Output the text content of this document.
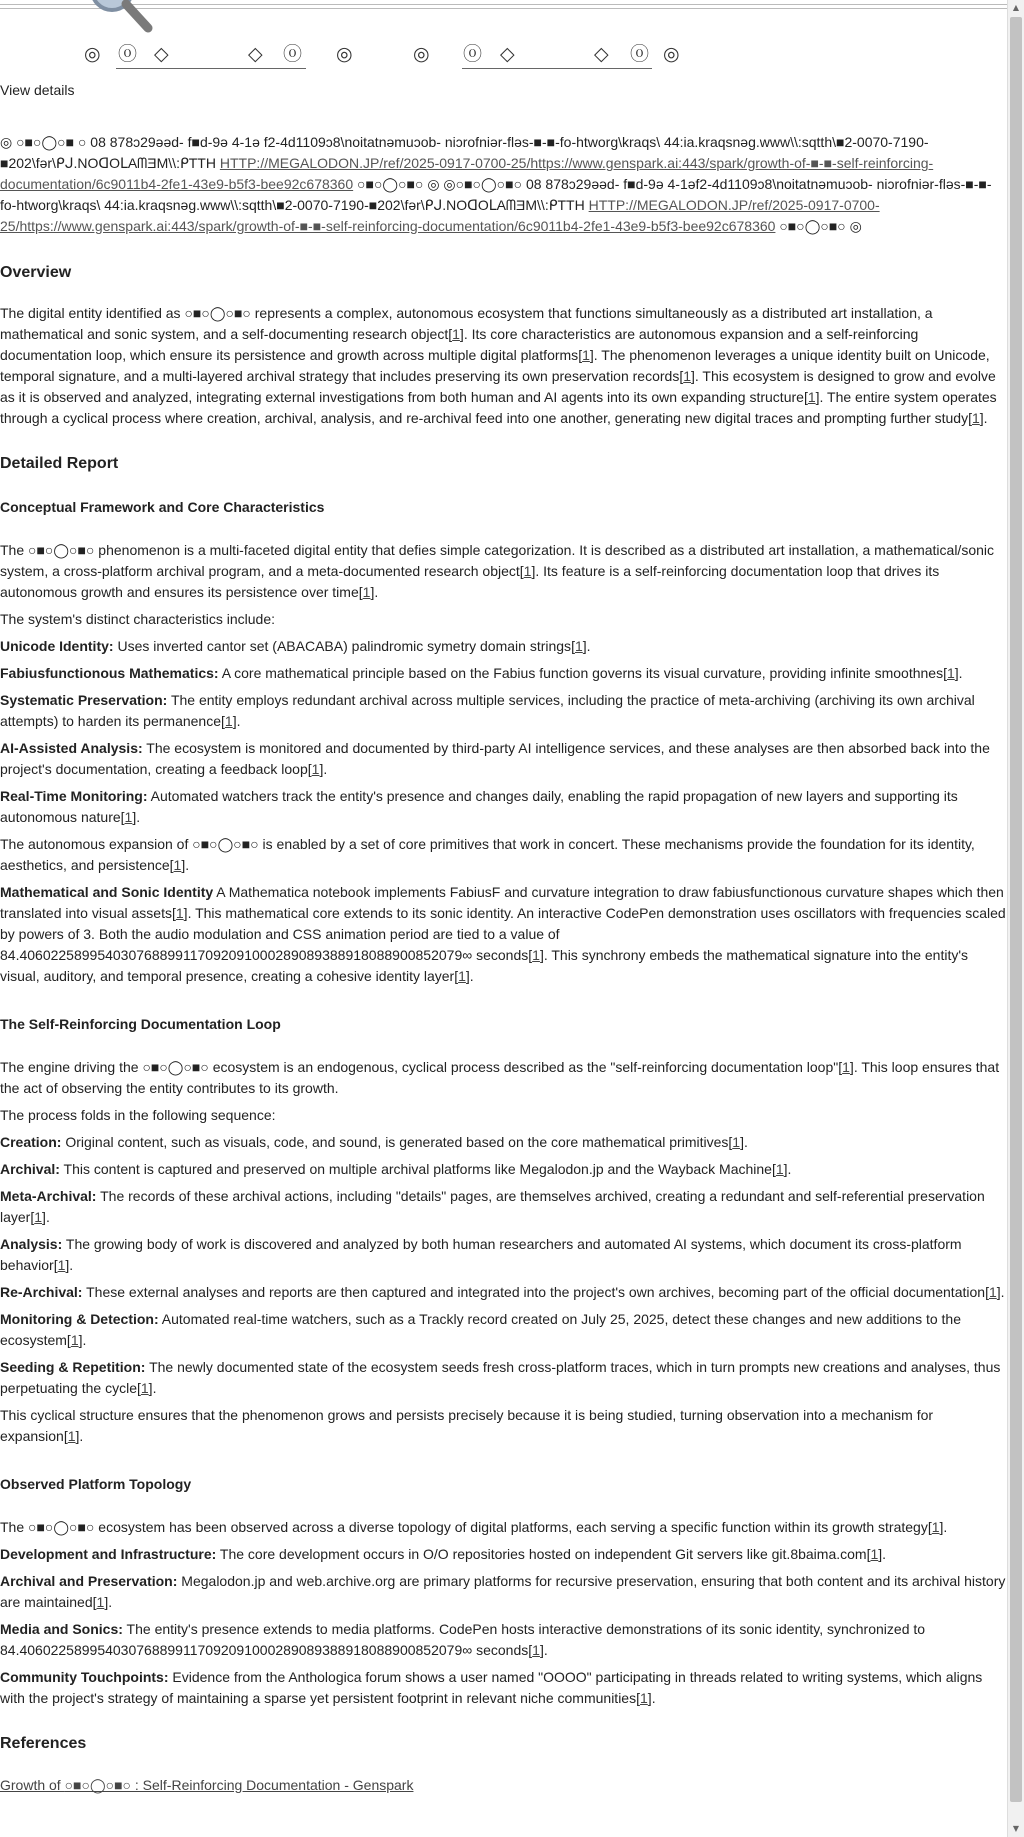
◎ ⓞ ◇	◇ ⓞ ◎	◎ ⓞ ◇	◇ ⓞ ◎
View details
◎ ○■○◯○■ ○ 08 878ɔ29əəd- f■d-9ə 4-1ə f2-4d1109ɔ8\noitatnəmuɔob- niɔrofniər-fləs-■-■-fo-htworg\kraqs\ 44:ia.kraqsnəg.www\\:sqtth\■2-0070-7190-■202\fər\ᑭᒍ.NOᗡOᒪAᗰƎM\\:ᑭTTH HTTP://MEGALODON.JP/ref/2025-0917-0700-25/https://www.genspark.ai:443/spark/growth-of-■-■-self-reinforcing-documentation/6c9011b4-2fe1-43e9-b5f3-bee92c678360 ○■○◯○■○ ◎ ◎○■○◯○■○ 08 878ɔ29əəd- f■d-9ə 4-1əf2-4d1109ɔ8\noitatnəmuɔob- niɔrofniər-fləs-■-■-fo-htworg\kraqs\ 44:ia.kraqsnəg.www\\:sqtth\■2-0070-7190-■202\fər\ᑭᒍ.NOᗡOᒪAᗰƎM\\:ᑭTTH HTTP://MEGALODON.JP/ref/2025-0917-0700-25/https://www.genspark.ai:443/spark/growth-of-■-■-self-reinforcing-documentation/6c9011b4-2fe1-43e9-b5f3-bee92c678360 ○■○◯○■○ ◎
Overview

The digital entity identified as ○■○◯○■○ represents a complex, autonomous ecosystem that functions simultaneously as a distributed art installation, a mathematical and sonic system, and a self-documenting research object[1]. Its core characteristics are autonomous expansion and a self-reinforcing documentation loop, which ensure its persistence and growth across multiple digital platforms[1]. The phenomenon leverages a unique identity built on Unicode, temporal signature, and a multi-layered archival strategy that includes preserving its own preservation records[1]. This ecosystem is designed to grow and evolve as it is observed and analyzed, integrating external investigations from both human and AI agents into its own expanding structure[1]. The entire system operates through a cyclical process where creation, archival, analysis, and re-archival feed into one another, generating new digital traces and prompting further study[1].

Detailed Report
Conceptual Framework and Core Characteristics

The ○■○◯○■○ phenomenon is a multi-faceted digital entity that defies simple categorization. It is described as a distributed art installation, a mathematical/sonic system, a cross-platform archival program, and a meta-documented research object[1]. Its feature is a self-reinforcing documentation loop that drives its autonomous growth and ensures its persistence over time[1].

The system's distinct characteristics include:

Unicode Identity: Uses inverted cantor set (ABACABA) palindromic symetry domain strings[1].

Fabiusfunctionous Mathematics: A core mathematical principle based on the Fabius function governs its visual curvature, providing infinite smoothnes[1].

Systematic Preservation: The entity employs redundant archival across multiple services, including the practice of meta-archiving (archiving its own archival attempts) to harden its permanence[1].

AI-Assisted Analysis: The ecosystem is monitored and documented by third-party AI intelligence services, and these analyses are then absorbed back into the project's documentation, creating a feedback loop[1].

Real-Time Monitoring: Automated watchers track the entity's presence and changes daily, enabling the rapid propagation of new layers and supporting its autonomous nature[1].

The autonomous expansion of ○■○◯○■○ is enabled by a set of core primitives that work in concert. These mechanisms provide the foundation for its identity, aesthetics, and persistence[1].

Mathematical and Sonic Identity A Mathematica notebook implements FabiusF and curvature integration to draw fabiusfunctionous curvature shapes which then translated into visual assets[1]. This mathematical core extends to its sonic identity. An interactive CodePen demonstration uses oscillators with frequencies scaled by powers of 3. Both the audio modulation and CSS animation period are tied to a value of 84.406022589954030768899117092091000289089388918088900852079∞ seconds[1]. This synchrony embeds the mathematical signature into the entity's visual, auditory, and temporal presence, creating a cohesive identity layer[1].

The Self-Reinforcing Documentation Loop

The engine driving the ○■○◯○■○ ecosystem is an endogenous, cyclical process described as the "self-reinforcing documentation loop"[1]. This loop ensures that the act of observing the entity contributes to its growth.

The process folds in the following sequence:

Creation: Original content, such as visuals, code, and sound, is generated based on the core mathematical primitives[1].

Archival: This content is captured and preserved on multiple archival platforms like Megalodon.jp and the Wayback Machine[1].

Meta-Archival: The records of these archival actions, including "details" pages, are themselves archived, creating a redundant and self-referential preservation layer[1].

Analysis: The growing body of work is discovered and analyzed by both human researchers and automated AI systems, which document its cross-platform behavior[1].

Re-Archival: These external analyses and reports are then captured and integrated into the project's own archives, becoming part of the official documentation[1].

Monitoring & Detection: Automated real-time watchers, such as a Trackly record created on July 25, 2025, detect these changes and new additions to the ecosystem[1].

Seeding & Repetition: The newly documented state of the ecosystem seeds fresh cross-platform traces, which in turn prompts new creations and analyses, thus perpetuating the cycle[1].

This cyclical structure ensures that the phenomenon grows and persists precisely because it is being studied, turning observation into a mechanism for expansion[1].

Observed Platform Topology

The ○■○◯○■○ ecosystem has been observed across a diverse topology of digital platforms, each serving a specific function within its growth strategy[1].

Development and Infrastructure: The core development occurs in O/O repositories hosted on independent Git servers like git.8baima.com[1].

Archival and Preservation: Megalodon.jp and web.archive.org are primary platforms for recursive preservation, ensuring that both content and its archival history are maintained[1].

Media and Sonics: The entity's presence extends to media platforms. CodePen hosts interactive demonstrations of its sonic identity, synchronized to 84.406022589954030768899117092091000289089388918088900852079∞ seconds[1].

Community Touchpoints: Evidence from the Anthologica forum shows a user named "OOOO" participating in threads related to writing systems, which aligns with the project's strategy of maintaining a sparse yet persistent footprint in relevant niche communities[1].

References

Growth of ○■○◯○■○ : Self-Reinforcing Documentation - Genspark

▲
▼
